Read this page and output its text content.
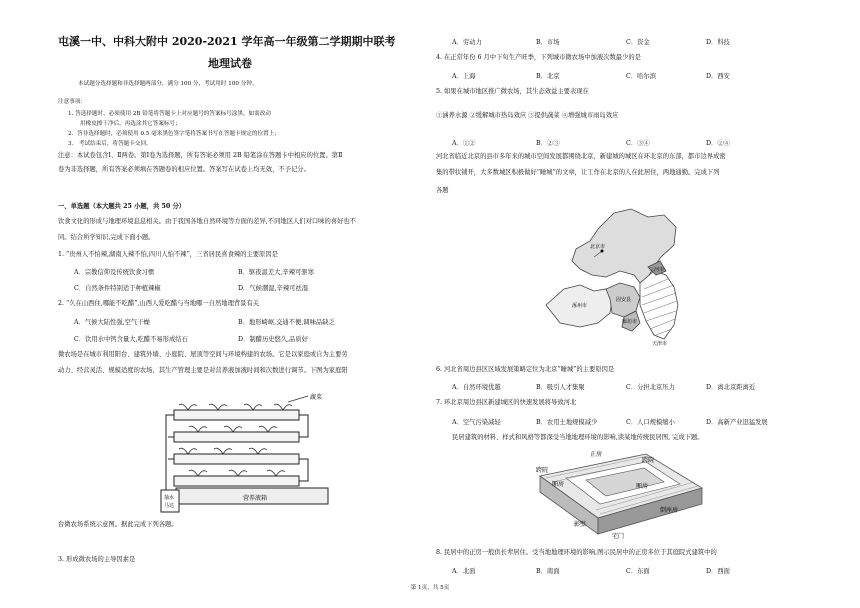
屯溪一中、中科大附中 2020-2021 学年高一年级第二学期期中联考
地理试卷
本试题分选择题和非选择题两部分，满分 100 分，考试用时 100 分钟。
注意事项：
1. 答选择题时，必须使用 2B 铅笔将答题卡上对应题号的答案标号涂黑，如需改动
用橡皮擦干净后，再选涂其它答案标号；
2．答非选择题时，必须使用 0.5 毫米黑色签字笔将答案书写在答题卡规定的位置上；
3． 考试结束后，将答题卡交回。
注意：本试卷包含Ⅰ、Ⅱ两卷。第Ⅰ卷为选择题，所有答案必须用 2B 铅笔涂在答题卡中相应的位置。第Ⅱ
卷为非选择题，所有答案必须填在答题卷的相应位置。答案写在试卷上均无效，不予记分。
一、单选题（本大题共 25 小题，共 50 分）
饮食文化的形成与地理环境息息相关。由于我国各地自然环境等方面的差异,不同地区人们对口味的喜好也不
同。结合所学知识,完成下面小题。
1. “贵州人不怕辣,湖南人辣不怕,四川人怕不辣”，三省居民喜食辣的主要原因是
A．宗教信仰及传统饮食习惯	B．驱夜温差大,辛辣可驱寒
C．自然条件特别适于种植辣椒	D．气候潮湿,辛辣可祛湿
2. “久在山西住,哪能不吃醋”,山西人爱吃醋与当地哪一自然地理背景有关
A．气候大陆性强,空气干燥	B．地形崎岖,交通不便,调味品缺乏
C．饮用水中钙含量大,吃醋不易形成结石	D．制醋历史悠久,品质好
微农场是在城市利用阳台、建筑外墙、小庭院、屋顶等空间与环境构建的农场。它是以家庭或自为主要劳
动力、经营灵活、规模适度的农场，其生产管理主要是对营养液加液时间和次数进行调节。下图为家庭阳
蔬菜
营养液箱
抽水
马达
台微农场系统示意图。据此完成下列各题。
3. 形成微农场的主导因素是
A．劳动力	B．市场	C．资金	D．科技
4. 在正常年份 6 月中下旬生产旺季，下列城市微农场中加液次数最少的是
A．上海	B．北京	C．哈尔滨	D．西安
5. 如果在城市地区推广微农场，其生态效益主要表现在
①涵养水源 ②缓解城市热岛效应 ③提供蔬菜 ④增强城市雨岛效应
A．①②	B．②③	C．③④	D．②④
河北省临近北京的县市多年来的城市空间发展都围绕北京，新建城的城区在环北京的东部，都市边界成密
集的带状铺开，大多数城区积极做好“睡城”的文章，让工作在北京的人在此居住，两地通勤。完成下列
各题
北京市
涿州市
固安县
廊坊市
三河市
天津市
6. 河北省周边县区区域发展策略定位为北京“睡城”的主要原因是
A．自然环境优越	B．吸引人才集聚	C．分担北京压力	D．离北京距离近
7. 环北京周边县区新建城区的快速发展将导致河北
A．空气污染减轻	B．农用土地规模减少	C．人口规模缩小	D．高新产业迅猛发展
民居建筑的材料、样式和风格等都深受当地地理环境的影响,读某地传统民居图, 完成下题。
正房
跨院
跨院
厢房	厢房
倒座房
影壁
宅门
8. 民居中的正房一般供长辈居住。受当地地理环境的影响,图示民居中的正房多位于其庭院式建筑中的
A．北面	B．南面	C．东面	D．西面
第 1页，共 5页
